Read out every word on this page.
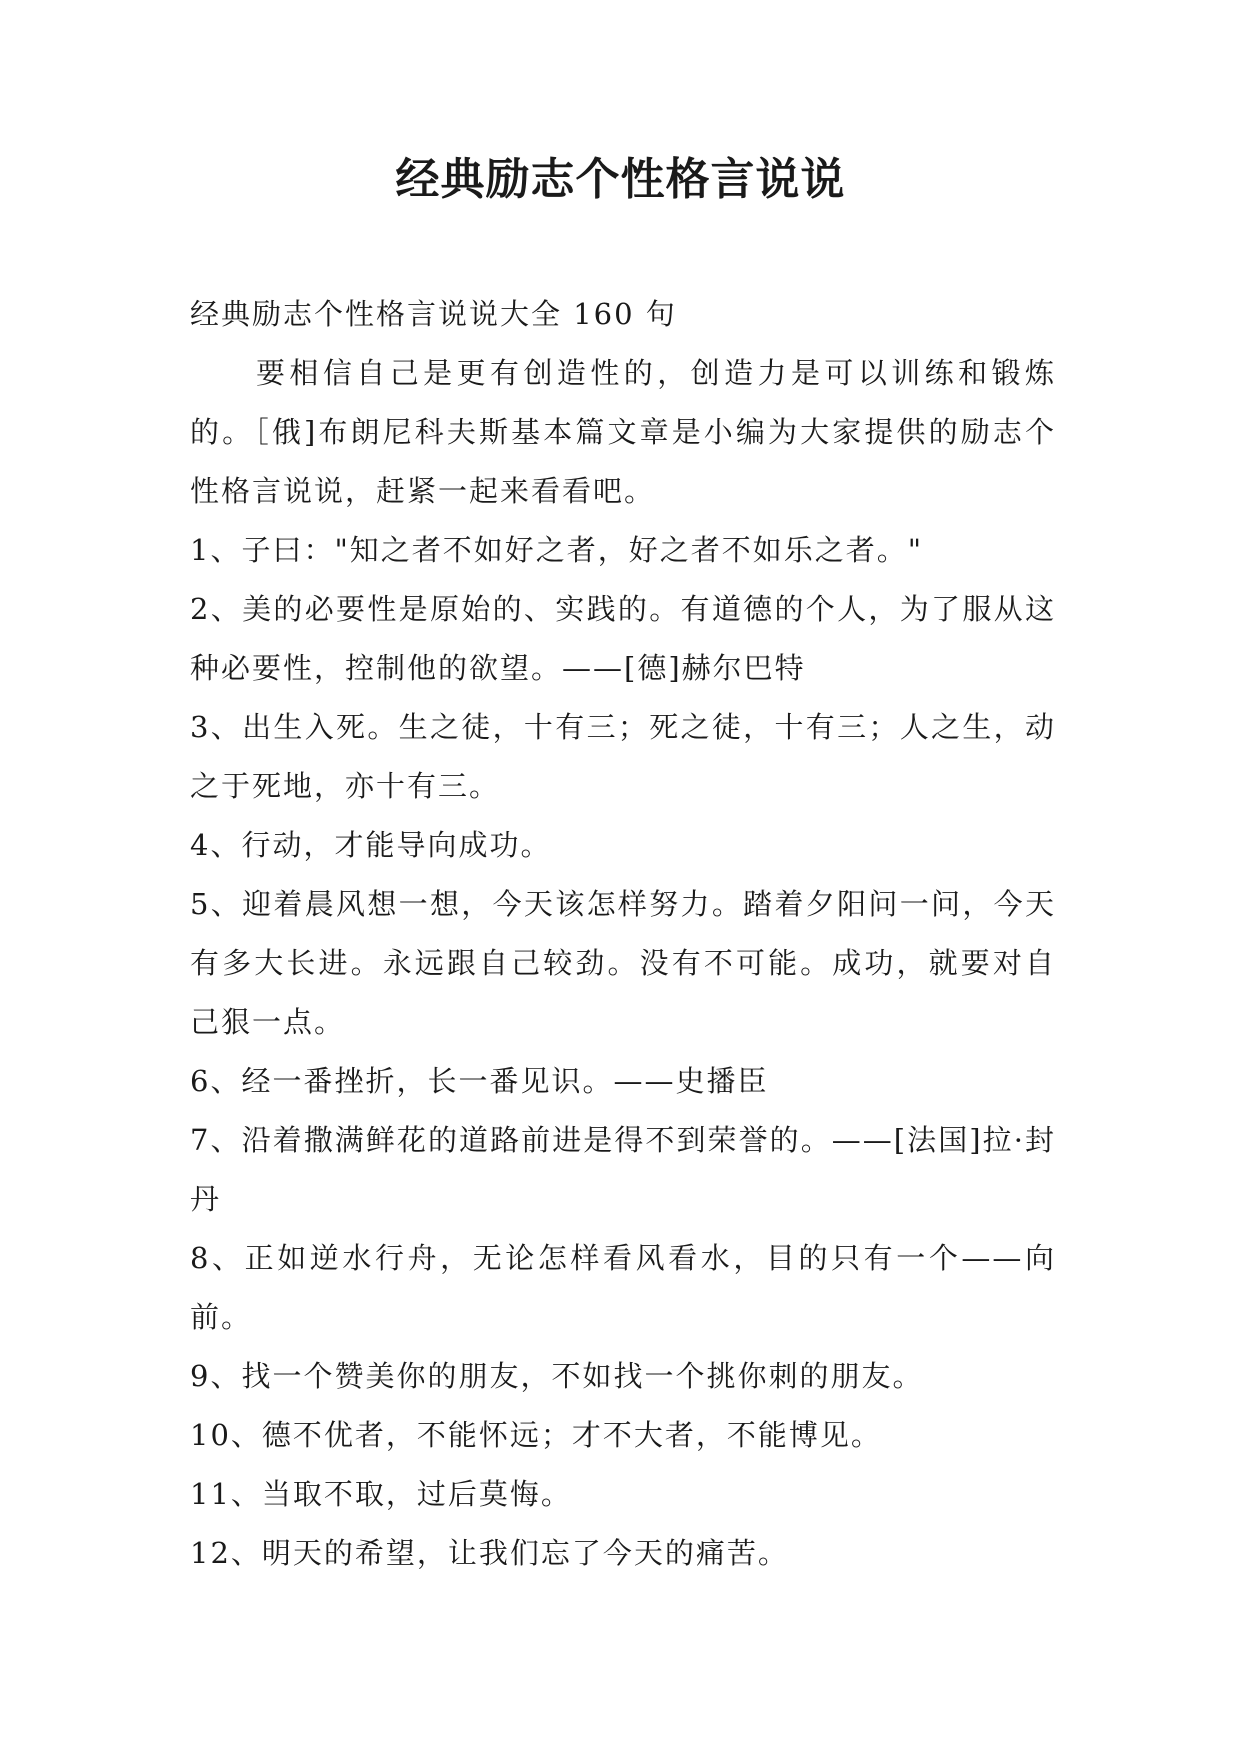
经典励志个性格言说说

经典励志个性格言说说大全 160 句

要相信自己是更有创造性的，创造力是可以训练和锻炼的。［俄]布朗尼科夫斯基本篇文章是小编为大家提供的励志个性格言说说，赶紧一起来看看吧。

1、子曰："知之者不如好之者，好之者不如乐之者。"

2、美的必要性是原始的、实践的。有道德的个人，为了服从这种必要性，控制他的欲望。——[德]赫尔巴特

3、出生入死。生之徒，十有三；死之徒，十有三；人之生，动之于死地，亦十有三。

4、行动，才能导向成功。

5、迎着晨风想一想，今天该怎样努力。踏着夕阳问一问，今天有多大长进。永远跟自己较劲。没有不可能。成功，就要对自己狠一点。

6、经一番挫折，长一番见识。——史播臣

7、沿着撒满鲜花的道路前进是得不到荣誉的。——[法国]拉·封丹

8、正如逆水行舟，无论怎样看风看水，目的只有一个——向前。

9、找一个赞美你的朋友，不如找一个挑你刺的朋友。

10、德不优者，不能怀远；才不大者，不能博见。

11、当取不取，过后莫悔。

12、明天的希望，让我们忘了今天的痛苦。
